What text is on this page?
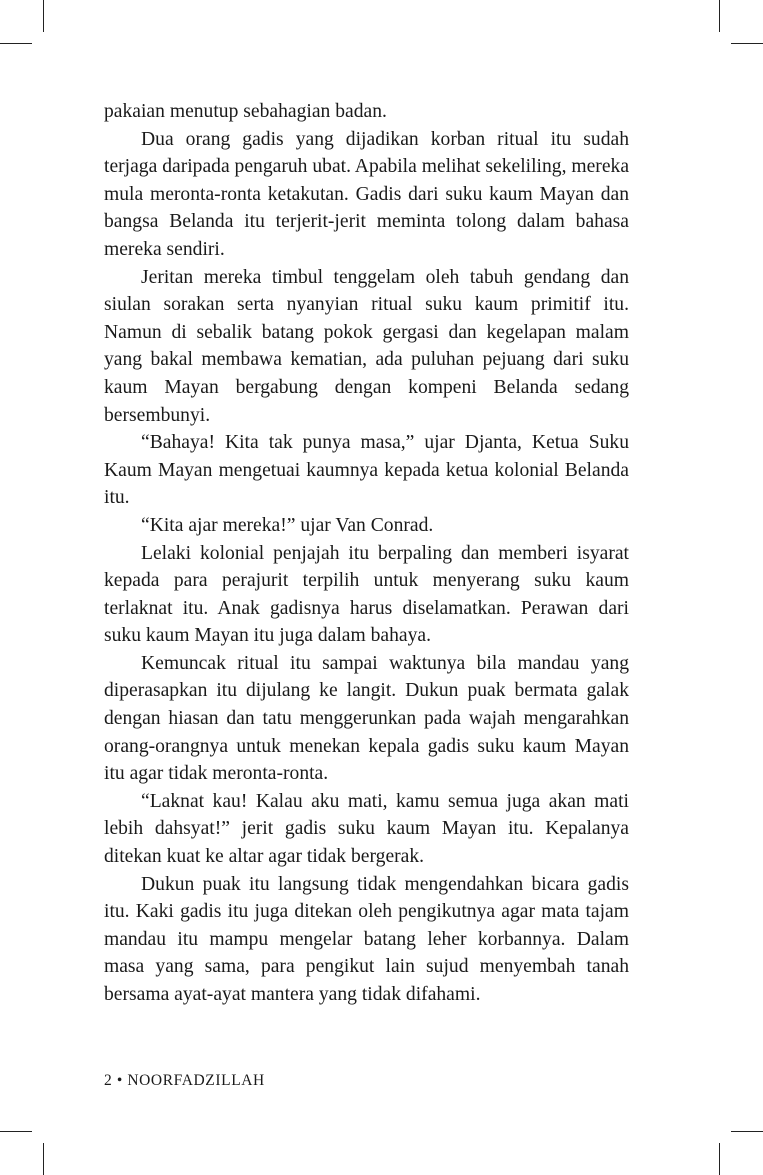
pakaian menutup sebahagian badan.

Dua orang gadis yang dijadikan korban ritual itu sudah terjaga daripada pengaruh ubat. Apabila melihat sekeliling, mereka mula meronta-ronta ketakutan. Gadis dari suku kaum Mayan dan bangsa Belanda itu terjerit-jerit meminta tolong dalam bahasa mereka sendiri.

Jeritan mereka timbul tenggelam oleh tabuh gendang dan siulan sorakan serta nyanyian ritual suku kaum primitif itu. Namun di sebalik batang pokok gergasi dan kegelapan malam yang bakal membawa kematian, ada puluhan pejuang dari suku kaum Mayan bergabung dengan kompeni Belanda sedang bersembunyi.

“Bahaya! Kita tak punya masa,” ujar Djanta, Ketua Suku Kaum Mayan mengetuai kaumnya kepada ketua kolonial Belanda itu.

“Kita ajar mereka!” ujar Van Conrad.

Lelaki kolonial penjajah itu berpaling dan memberi isyarat kepada para perajurit terpilih untuk menyerang suku kaum terlaknat itu. Anak gadisnya harus diselamatkan. Perawan dari suku kaum Mayan itu juga dalam bahaya.

Kemuncak ritual itu sampai waktunya bila mandau yang diperasapkan itu dijulang ke langit. Dukun puak bermata galak dengan hiasan dan tatu menggerunkan pada wajah mengarahkan orang-orangnya untuk menekan kepala gadis suku kaum Mayan itu agar tidak meronta-ronta.

“Laknat kau! Kalau aku mati, kamu semua juga akan mati lebih dahsyat!” jerit gadis suku kaum Mayan itu. Kepalanya ditekan kuat ke altar agar tidak bergerak.

Dukun puak itu langsung tidak mengendahkan bicara gadis itu. Kaki gadis itu juga ditekan oleh pengikutnya agar mata tajam mandau itu mampu mengelar batang leher korbannya. Dalam masa yang sama, para pengikut lain sujud menyembah tanah bersama ayat-ayat mantera yang tidak difahami.

2 • NOORFADZILLAH
